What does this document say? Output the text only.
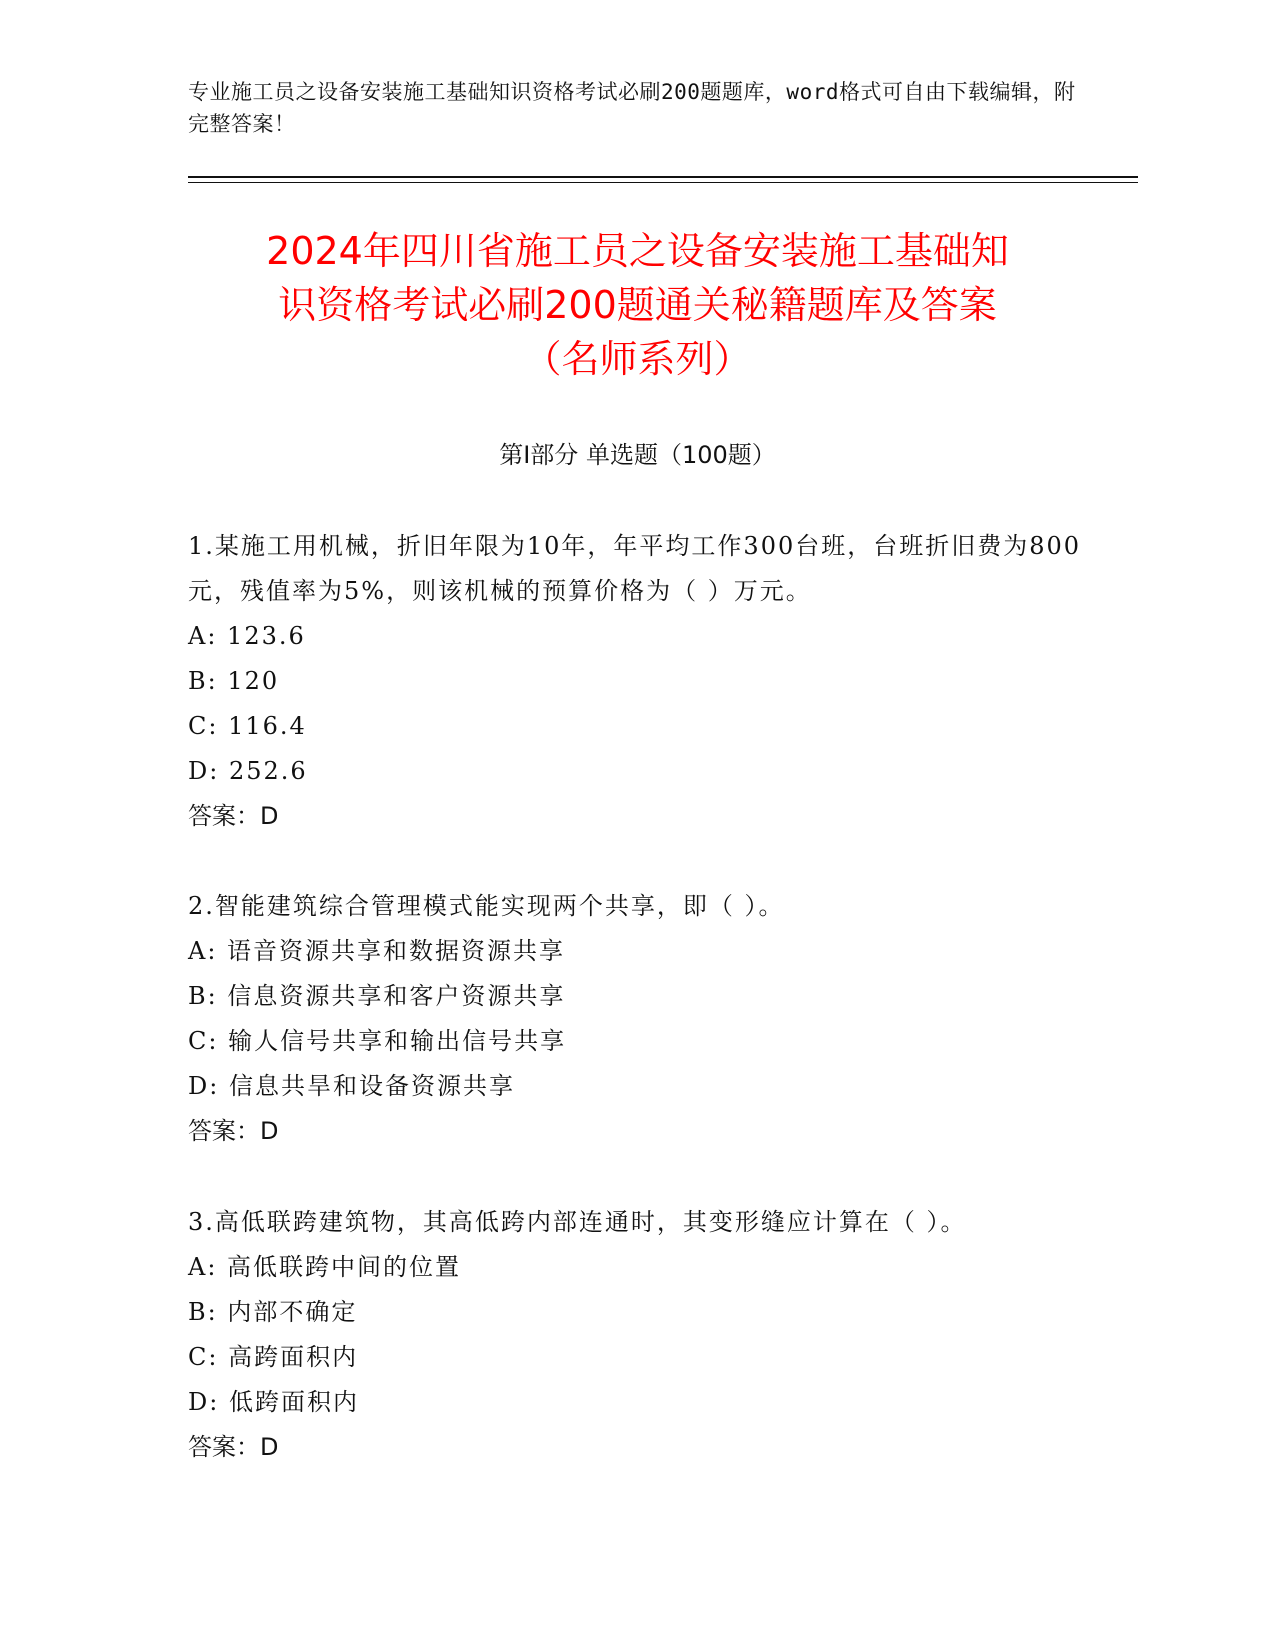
专业施工员之设备安装施工基础知识资格考试必刷200题题库，word格式可自由下载编辑，附完整答案！
2024年四川省施工员之设备安装施工基础知
识资格考试必刷200题通关秘籍题库及答案
（名师系列）
第Ⅰ部分 单选题（100题）

1.某施工用机械，折旧年限为10年，年平均工作300台班，台班折旧费为800元，残值率为5%，则该机械的预算价格为（ ）万元。

A: 123.6

B: 120

C: 116.4

D: 252.6

答案：D

2.智能建筑综合管理模式能实现两个共享，即（ ）。

A: 语音资源共享和数据资源共享

B: 信息资源共享和客户资源共享

C: 输人信号共享和输出信号共享

D: 信息共旱和设备资源共享

答案：D

3.高低联跨建筑物，其高低跨内部连通时，其变形缝应计算在（ ）。

A: 高低联跨中间的位置

B: 内部不确定

C: 高跨面积内

D: 低跨面积内

答案：D
